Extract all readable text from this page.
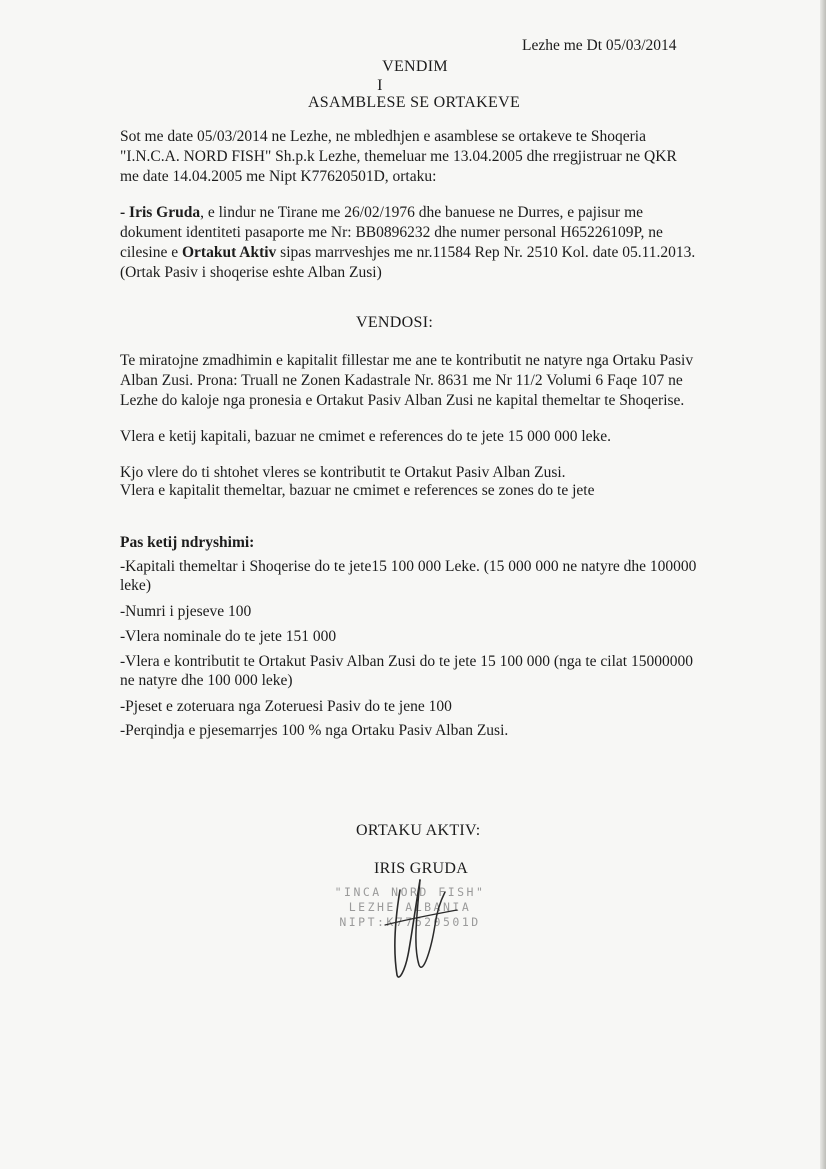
Lezhe me Dt 05/03/2014
VENDIM
I
ASAMBLESE SE ORTAKEVE
Sot me date 05/03/2014 ne Lezhe, ne mbledhjen e asamblese se ortakeve te Shoqeria
"I.N.C.A. NORD FISH" Sh.p.k Lezhe, themeluar me 13.04.2005 dhe rregjistruar ne QKR
me date 14.04.2005 me Nipt K77620501D, ortaku:
- Iris Gruda, e lindur ne Tirane me 26/02/1976 dhe banuese ne Durres, e pajisur me
dokument identiteti pasaporte me Nr: BB0896232 dhe numer personal H65226109P, ne
cilesine e Ortakut Aktiv sipas marrveshjes me nr.11584 Rep Nr. 2510 Kol. date 05.11.2013.
(Ortak Pasiv i shoqerise eshte Alban Zusi)
VENDOSI:
Te miratojne zmadhimin e kapitalit fillestar me ane te kontributit ne natyre nga Ortaku Pasiv
Alban Zusi. Prona: Truall ne Zonen Kadastrale Nr. 8631 me Nr 11/2 Volumi 6 Faqe 107 ne
Lezhe do kaloje nga pronesia e Ortakut Pasiv Alban Zusi ne kapital themeltar te Shoqerise.
Vlera e ketij kapitali, bazuar ne cmimet e references do te jete 15 000 000 leke.
Kjo vlere do ti shtohet vleres se kontributit te Ortakut Pasiv Alban Zusi.
Vlera e kapitalit themeltar, bazuar ne cmimet e references se zones do te jete
Pas ketij ndryshimi:
-Kapitali themeltar i Shoqerise do te jete15 100 000 Leke. (15 000 000 ne natyre dhe 100000
leke)
-Numri i pjeseve 100
-Vlera nominale do te jete 151 000
-Vlera e kontributit te Ortakut Pasiv Alban Zusi do te jete 15 100 000 (nga te cilat 15000000
ne natyre dhe 100 000 leke)
-Pjeset e zoteruara nga Zoteruesi Pasiv do te jene 100
-Perqindja e pjesemarrjes 100 % nga Ortaku Pasiv Alban Zusi.
ORTAKU AKTIV:
IRIS GRUDA
"INCA NORD FISH"
LEZHE ALBANIA
NIPT:K77620501D
